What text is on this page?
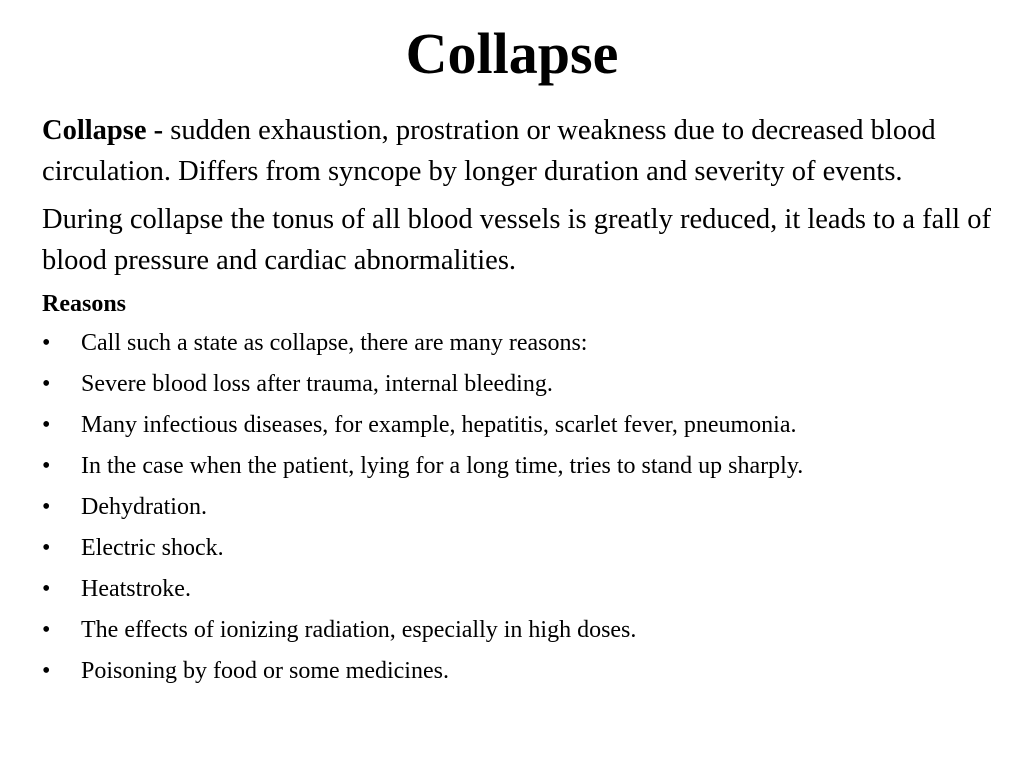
Collapse

Collapse - sudden exhaustion, prostration or weakness due to decreased blood circulation. Differs from syncope by longer duration and severity of events.

During collapse the tonus of all blood vessels is greatly reduced, it leads to a fall of blood pressure and cardiac abnormalities.

Reasons
•	Call such a state as collapse, there are many reasons:
•	Severe blood loss after trauma, internal bleeding.
•	Many infectious diseases, for example, hepatitis, scarlet fever, pneumonia.
•	In the case when the patient, lying for a long time, tries to stand up sharply.
•	Dehydration.
•	Electric shock.
•	Heatstroke.
•	The effects of ionizing radiation, especially in high doses.
•	Poisoning by food or some medicines.
